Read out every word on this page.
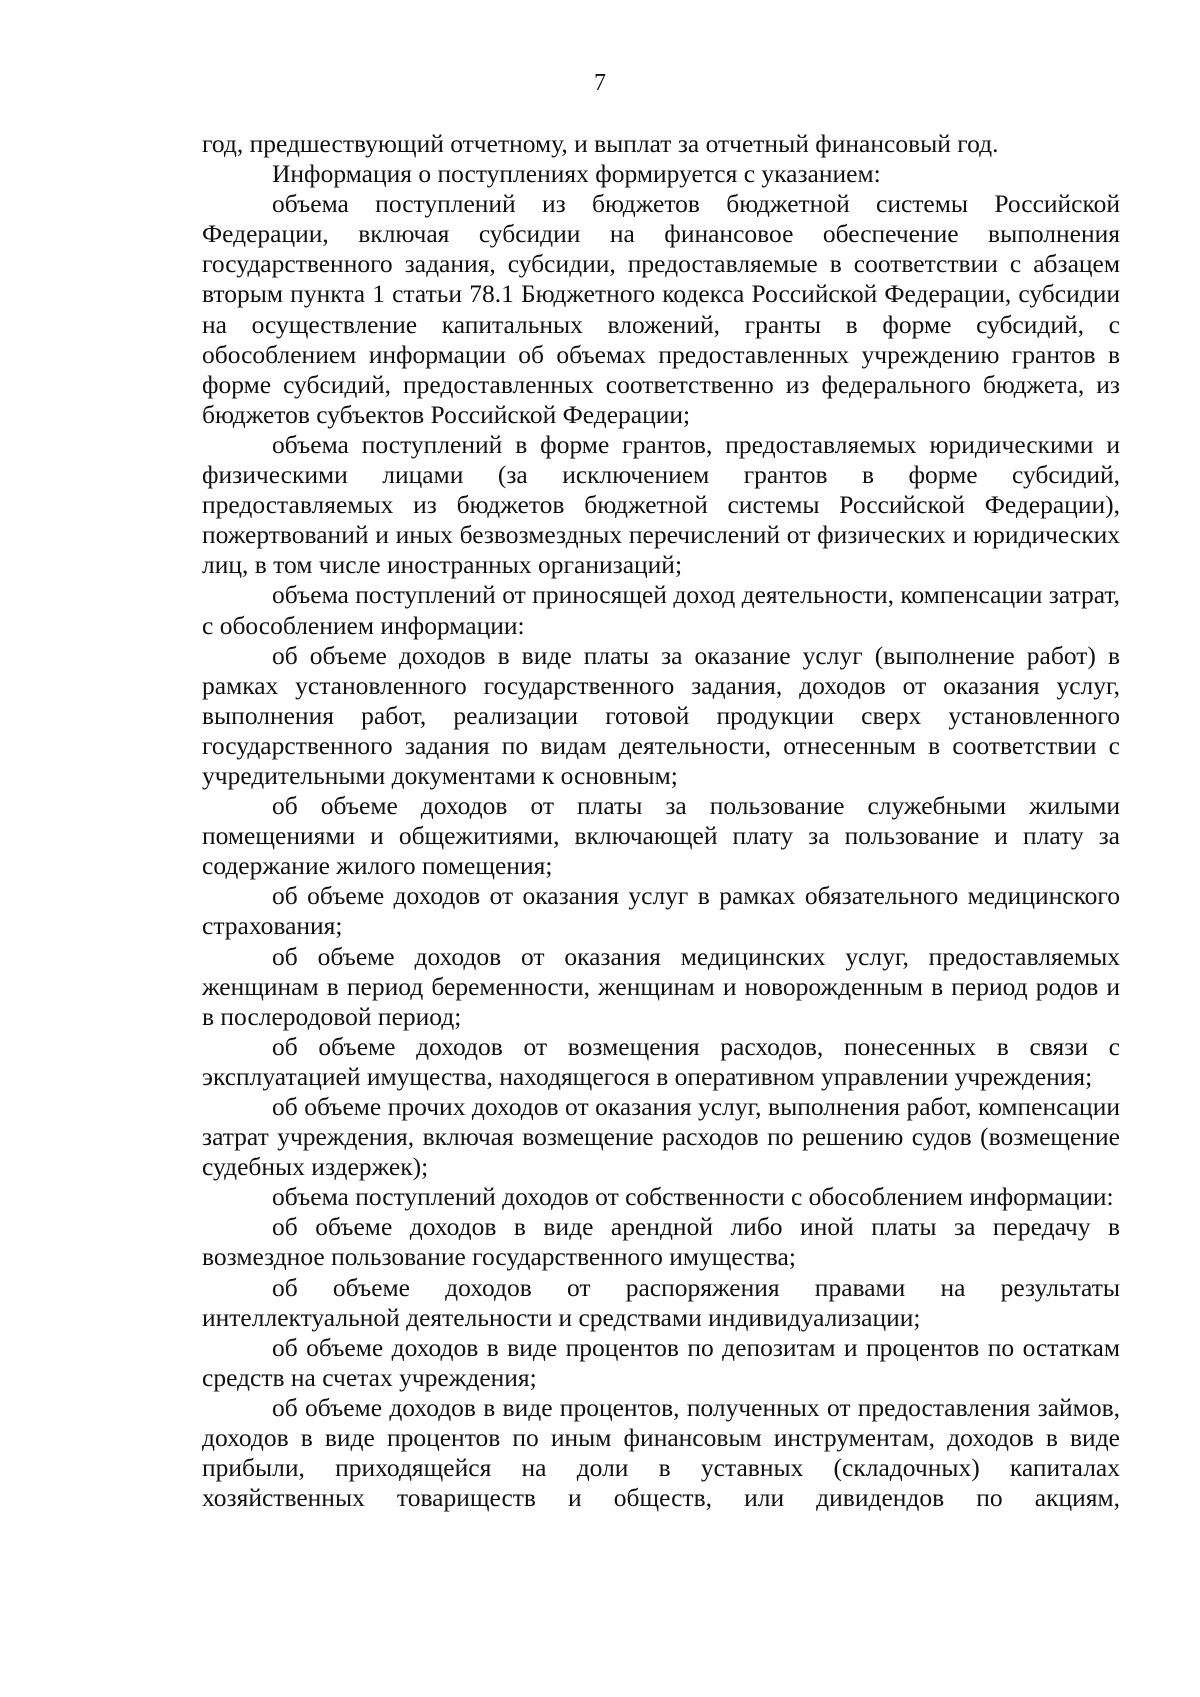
7

год, предшествующий отчетному, и выплат за отчетный финансовый год.

Информация о поступлениях формируется с указанием:

объема поступлений из бюджетов бюджетной системы Российской Федерации, включая субсидии на финансовое обеспечение выполнения государственного задания, субсидии, предоставляемые в соответствии с абзацем вторым пункта 1 статьи 78.1 Бюджетного кодекса Российской Федерации, субсидии на осуществление капитальных вложений, гранты в форме субсидий, с обособлением информации об объемах предоставленных учреждению грантов в форме субсидий, предоставленных соответственно из федерального бюджета, из бюджетов субъектов Российской Федерации;

объема поступлений в форме грантов, предоставляемых юридическими и физическими лицами (за исключением грантов в форме субсидий, предоставляемых из бюджетов бюджетной системы Российской Федерации), пожертвований и иных безвозмездных перечислений от физических и юридических лиц, в том числе иностранных организаций;

объема поступлений от приносящей доход деятельности, компенсации затрат, с обособлением информации:

об объеме доходов в виде платы за оказание услуг (выполнение работ) в рамках установленного государственного задания, доходов от оказания услуг, выполнения работ, реализации готовой продукции сверх установленного государственного задания по видам деятельности, отнесенным в соответствии с учредительными документами к основным;

об объеме доходов от платы за пользование служебными жилыми помещениями и общежитиями, включающей плату за пользование и плату за содержание жилого помещения;

об объеме доходов от оказания услуг в рамках обязательного медицинского страхования;

об объеме доходов от оказания медицинских услуг, предоставляемых женщинам в период беременности, женщинам и новорожденным в период родов и в послеродовой период;

об объеме доходов от возмещения расходов, понесенных в связи с эксплуатацией имущества, находящегося в оперативном управлении учреждения;

об объеме прочих доходов от оказания услуг, выполнения работ, компенсации затрат учреждения, включая возмещение расходов по решению судов (возмещение судебных издержек);

объема поступлений доходов от собственности с обособлением информации:

об объеме доходов в виде арендной либо иной платы за передачу в возмездное пользование государственного имущества;

об объеме доходов от распоряжения правами на результаты интеллектуальной деятельности и средствами индивидуализации;

об объеме доходов в виде процентов по депозитам и процентов по остаткам средств на счетах учреждения;

об объеме доходов в виде процентов, полученных от предоставления займов, доходов в виде процентов по иным финансовым инструментам, доходов в виде прибыли, приходящейся на доли в уставных (складочных) капиталах хозяйственных товариществ и обществ, или дивидендов по акциям,
